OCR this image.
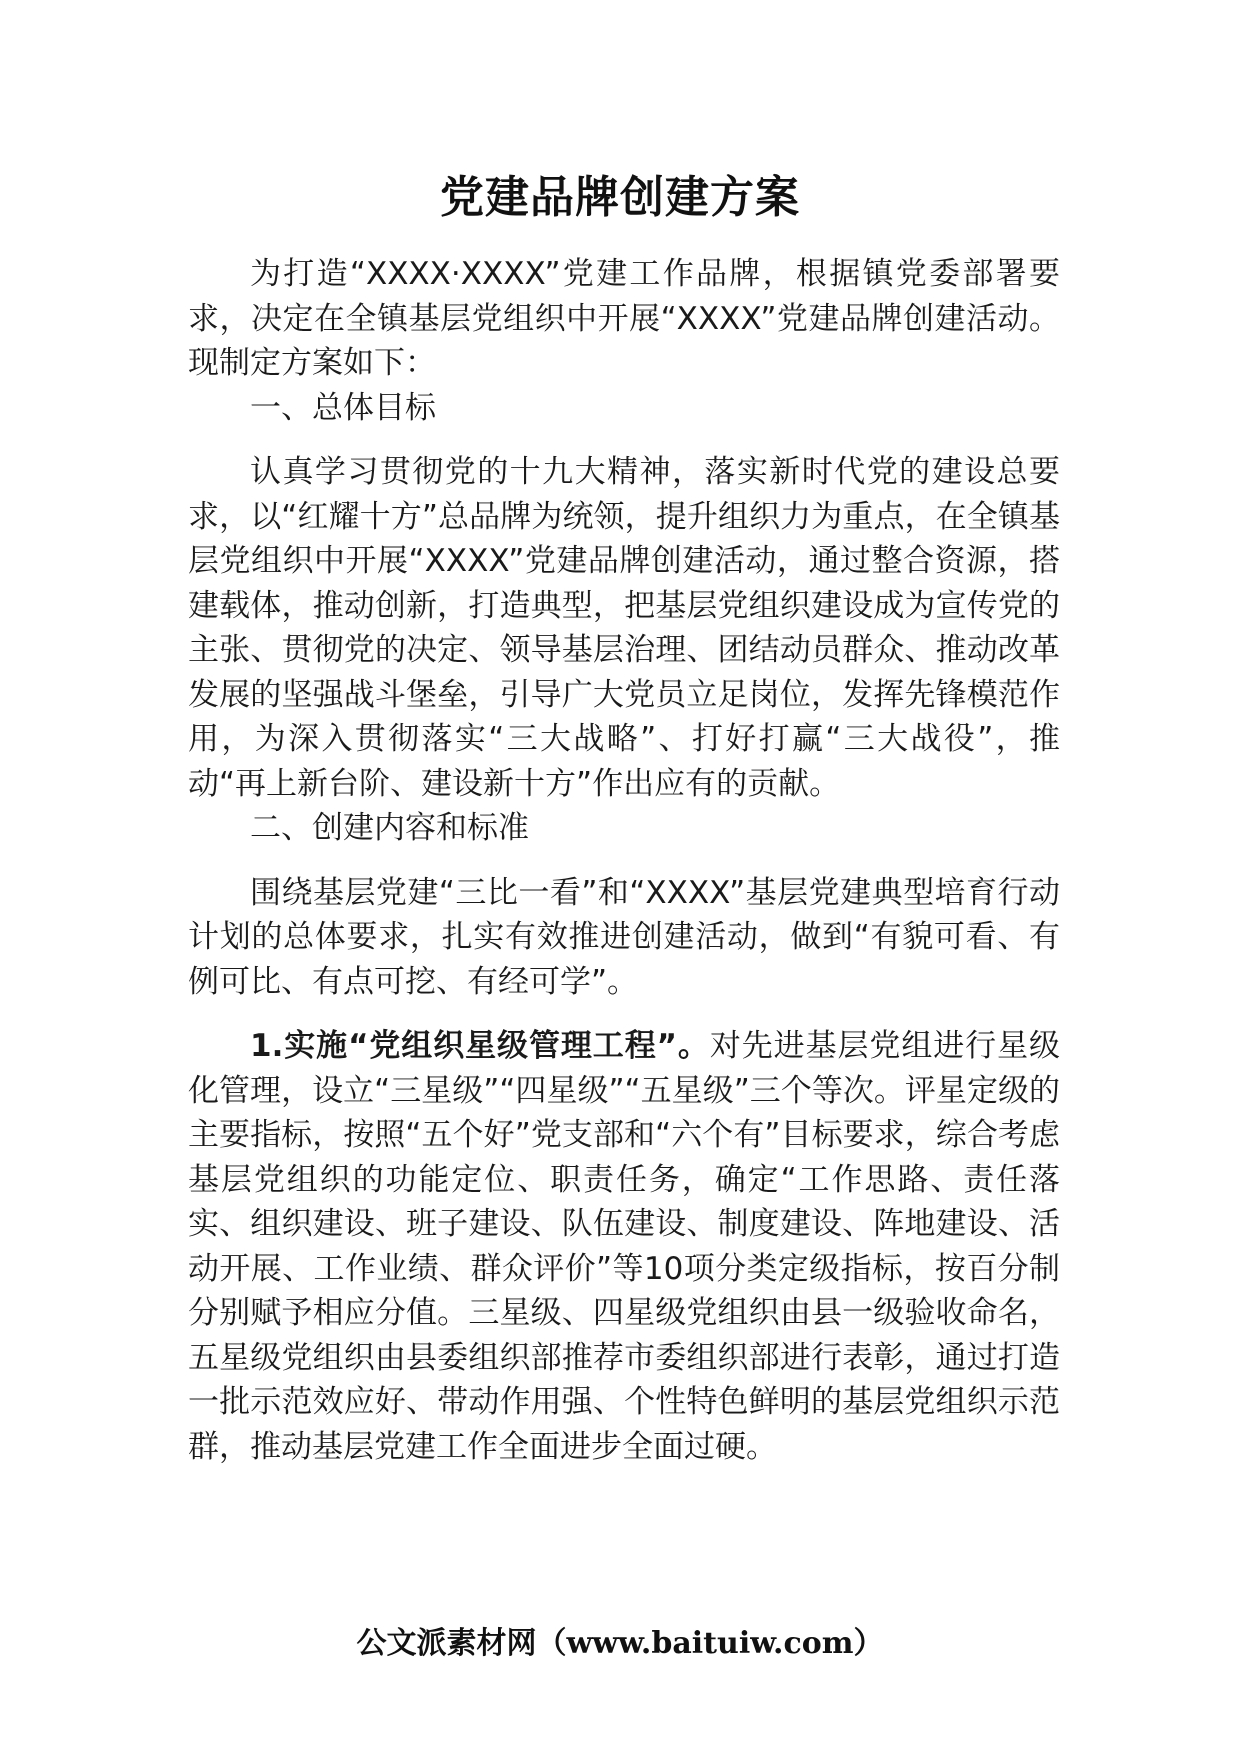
党建品牌创建方案

为打造“XXXX·XXXX”党建工作品牌，根据镇党委部署要求，决定在全镇基层党组织中开展“XXXX”党建品牌创建活动。现制定方案如下：

一、总体目标

认真学习贯彻党的十九大精神，落实新时代党的建设总要求，以“红耀十方”总品牌为统领，提升组织力为重点，在全镇基层党组织中开展“XXXX”党建品牌创建活动，通过整合资源，搭建载体，推动创新，打造典型，把基层党组织建设成为宣传党的主张、贯彻党的决定、领导基层治理、团结动员群众、推动改革发展的坚强战斗堡垒，引导广大党员立足岗位，发挥先锋模范作用，为深入贯彻落实“三大战略”、打好打赢“三大战役”，推动“再上新台阶、建设新十方”作出应有的贡献。

二、创建内容和标准

围绕基层党建“三比一看”和“XXXX”基层党建典型培育行动计划的总体要求，扎实有效推进创建活动，做到“有貌可看、有例可比、有点可挖、有经可学”。

1.实施“党组织星级管理工程”。对先进基层党组进行星级化管理，设立“三星级”“四星级”“五星级”三个等次。评星定级的主要指标，按照“五个好”党支部和“六个有”目标要求，综合考虑基层党组织的功能定位、职责任务，确定“工作思路、责任落实、组织建设、班子建设、队伍建设、制度建设、阵地建设、活动开展、工作业绩、群众评价”等10项分类定级指标，按百分制分别赋予相应分值。三星级、四星级党组织由县一级验收命名，五星级党组织由县委组织部推荐市委组织部进行表彰，通过打造一批示范效应好、带动作用强、个性特色鲜明的基层党组织示范群，推动基层党建工作全面进步全面过硬。

公文派素材网（www.baituiw.com）
